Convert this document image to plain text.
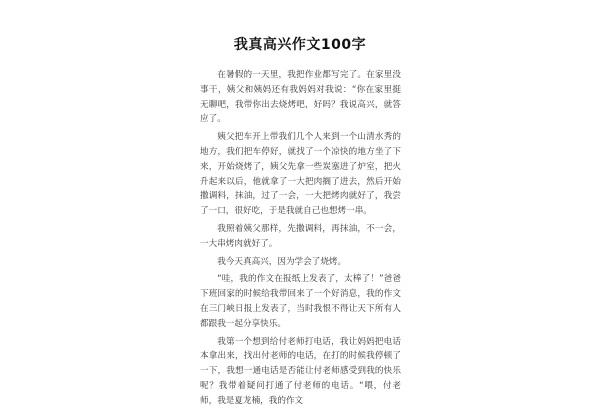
我真高兴作文100字

在暑假的一天里，我把作业都写完了。在家里没事干，姨父和姨妈还有我妈妈对我说：“你在家里挺无聊吧，我带你出去烧烤吧，好吗？我说高兴，就答应了。

姨父把车开上带我们几个人来到一个山清水秀的地方，我们把车停好，就找了一个凉快的地方坐了下来，开始烧烤了，姨父先拿一些炭塞进了炉室，把火升起来以后，他就拿了一大把肉搁了进去，然后开始撒调料，抹油，过了一会，一大把烤肉就好了，我尝了一口，很好吃，于是我就自己也想烤一串。

我照着姨父那样，先撒调料，再抹油，不一会，一大串烤肉就好了。

我今天真高兴，因为学会了烧烤。

“哇，我的作文在报纸上发表了，太棒了！”爸爸下班回家的时候给我带回来了一个好消息，我的作文在三门峡日报上发表了，当时我恨不得让天下所有人都跟我一起分享快乐。

我第一个想到给付老师打电话，我让妈妈把电话本拿出来，找出付老师的电话，在打的时候我停顿了一下，我想一通电话是否能让付老师感受到我的快乐呢？我带着疑问打通了付老师的电话。“喂，付老师，我是夏龙楠，我的作文
